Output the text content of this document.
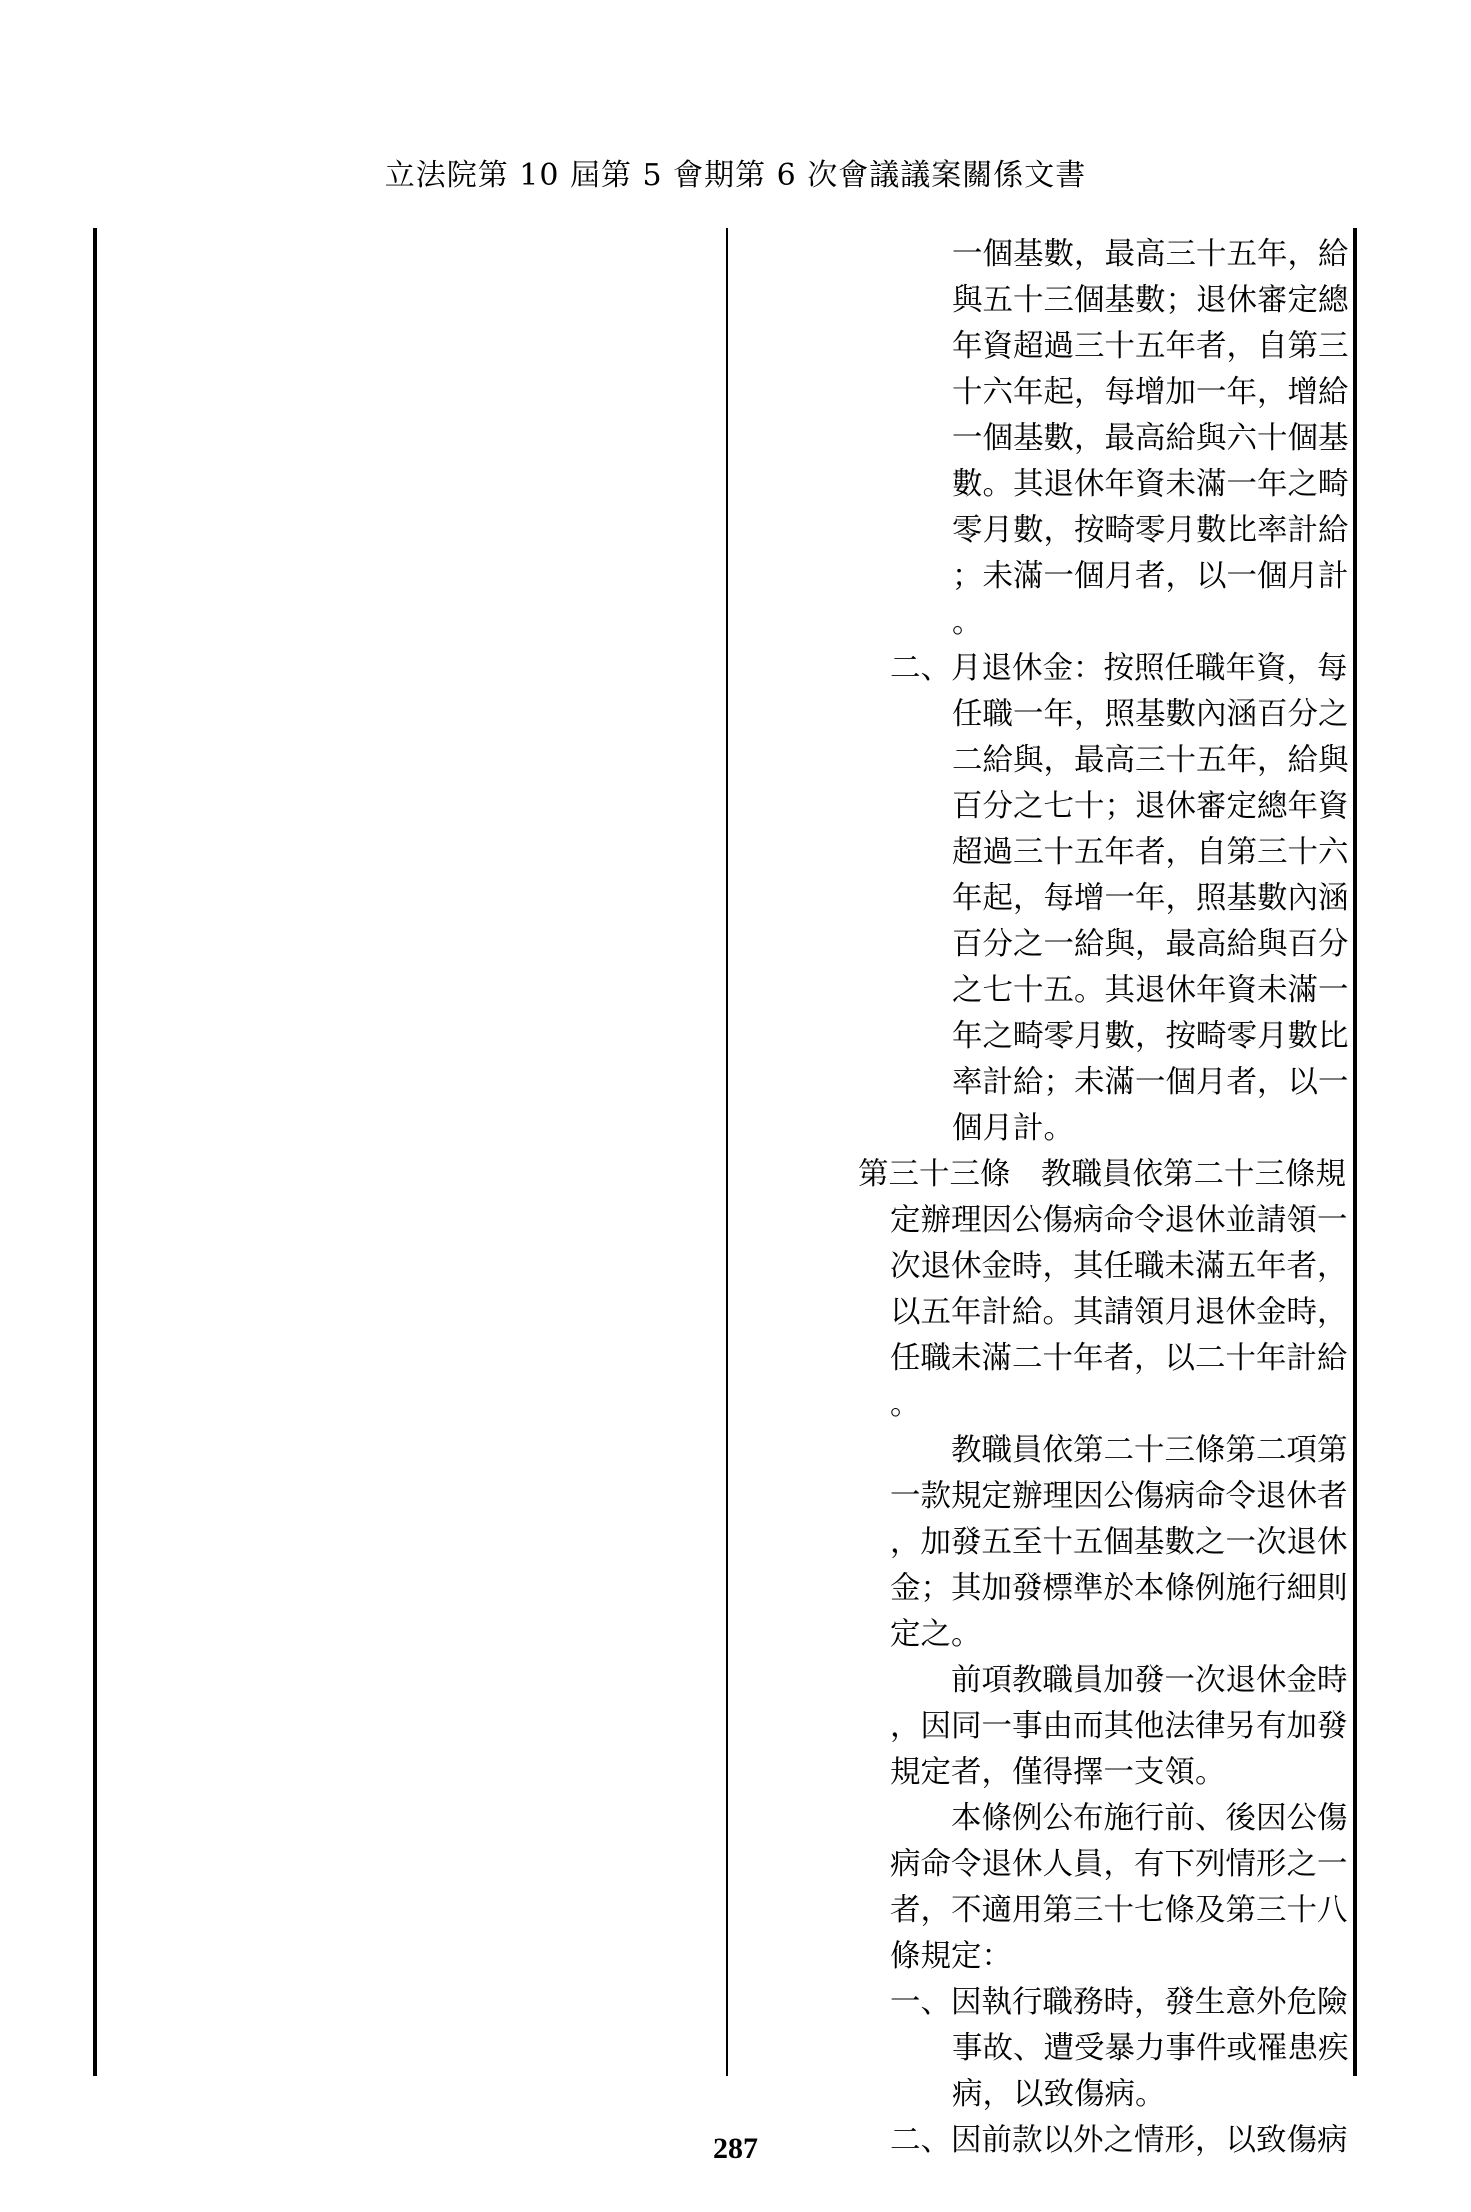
立法院第 10 屆第 5 會期第 6 次會議議案關係文書
一個基數，最高三十五年，給
與五十三個基數；退休審定總
年資超過三十五年者，自第三
十六年起，每增加一年，增給
一個基數，最高給與六十個基
數。其退休年資未滿一年之畸
零月數，按畸零月數比率計給
；未滿一個月者，以一個月計
。
二、月退休金：按照任職年資，每
任職一年，照基數內涵百分之
二給與，最高三十五年，給與
百分之七十；退休審定總年資
超過三十五年者，自第三十六
年起，每增一年，照基數內涵
百分之一給與，最高給與百分
之七十五。其退休年資未滿一
年之畸零月數，按畸零月數比
率計給；未滿一個月者，以一
個月計。
第三十三條　教職員依第二十三條規
定辦理因公傷病命令退休並請領一
次退休金時，其任職未滿五年者，
以五年計給。其請領月退休金時，
任職未滿二十年者，以二十年計給
。
　　教職員依第二十三條第二項第
一款規定辦理因公傷病命令退休者
，加發五至十五個基數之一次退休
金；其加發標準於本條例施行細則
定之。
　　前項教職員加發一次退休金時
，因同一事由而其他法律另有加發
規定者，僅得擇一支領。
　　本條例公布施行前、後因公傷
病命令退休人員，有下列情形之一
者，不適用第三十七條及第三十八
條規定：
一、因執行職務時，發生意外危險
事故、遭受暴力事件或罹患疾
病，以致傷病。
二、因前款以外之情形，以致傷病
287
